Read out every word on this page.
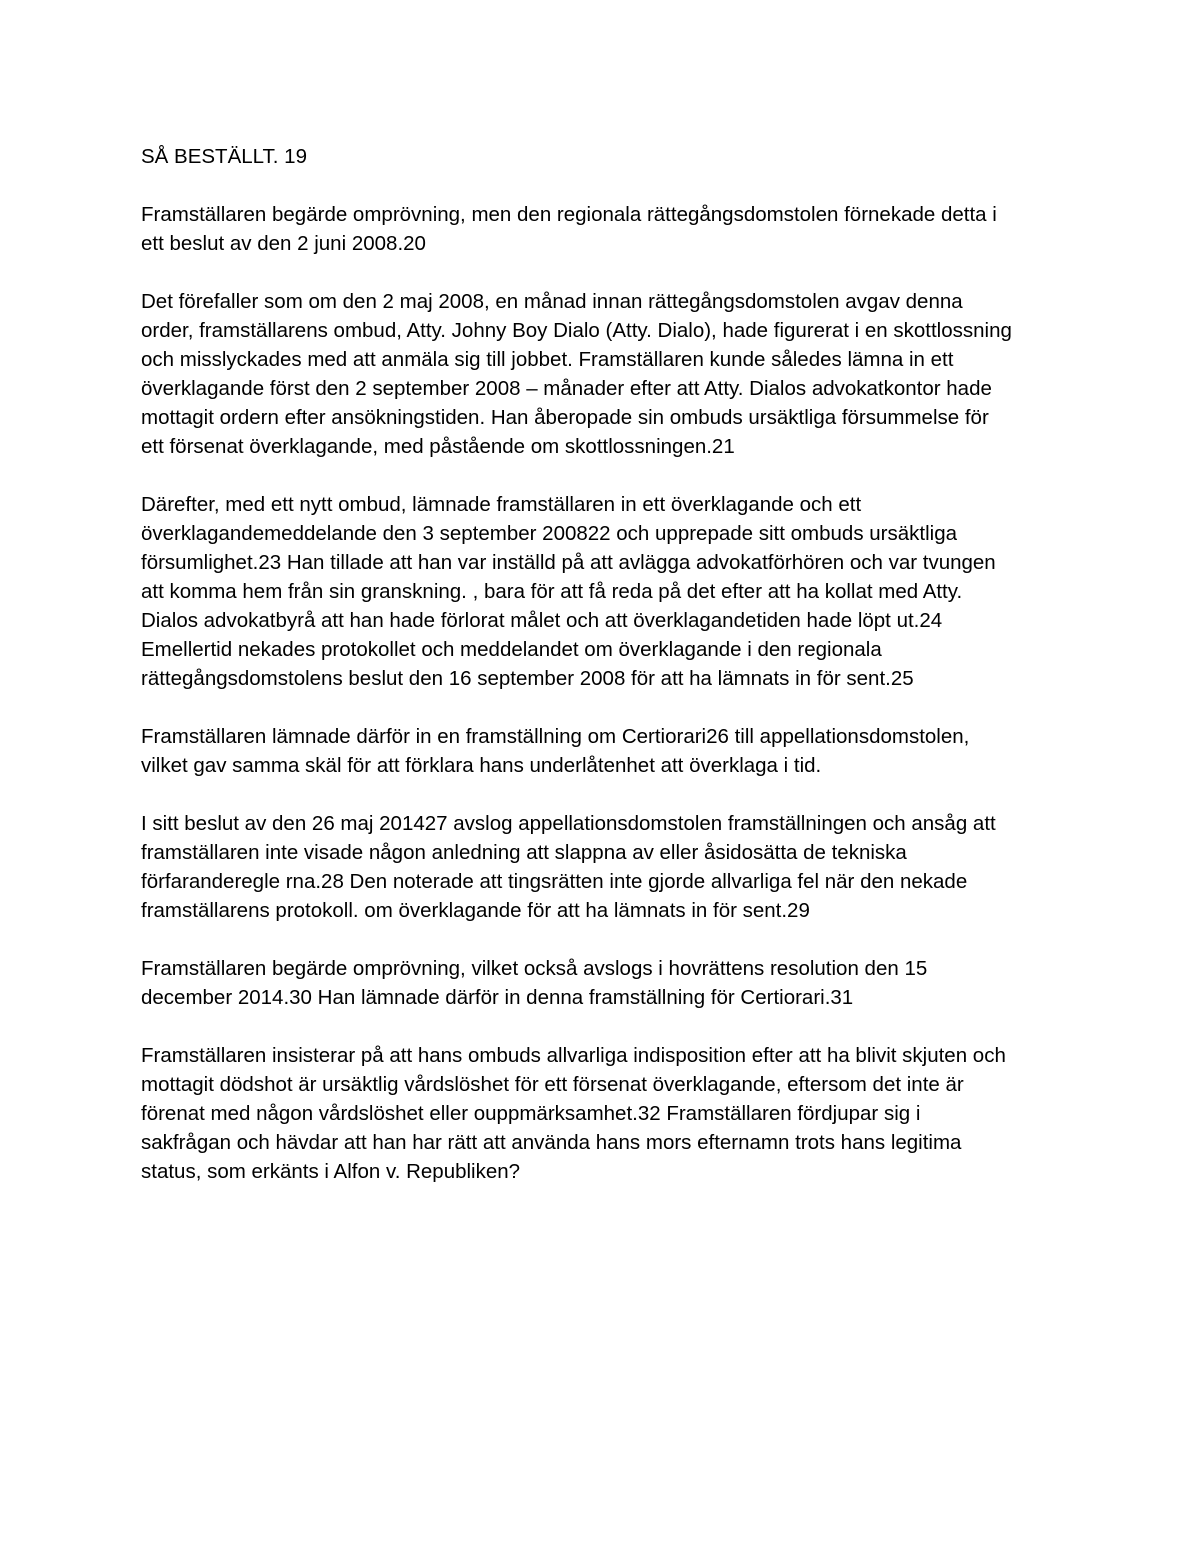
SÅ BESTÄLLT. 19

Framställaren begärde omprövning, men den regionala rättegångsdomstolen förnekade detta i
ett beslut av den 2 juni 2008.20

Det förefaller som om den 2 maj 2008, en månad innan rättegångsdomstolen avgav denna
order, framställarens ombud, Atty. Johny Boy Dialo (Atty. Dialo), hade figurerat i en skottlossning
och misslyckades med att anmäla sig till jobbet. Framställaren kunde således lämna in ett
överklagande först den 2 september 2008 – månader efter att Atty. Dialos advokatkontor hade
mottagit ordern efter ansökningstiden. Han åberopade sin ombuds ursäktliga försummelse för
ett försenat överklagande, med påstående om skottlossningen.21

Därefter, med ett nytt ombud, lämnade framställaren in ett överklagande och ett
överklagandemeddelande den 3 september 200822 och upprepade sitt ombuds ursäktliga
försumlighet.23 Han tillade att han var inställd på att avlägga advokatförhören och var tvungen
att komma hem från sin granskning. , bara för att få reda på det efter att ha kollat med Atty.
Dialos advokatbyrå att han hade förlorat målet och att överklagandetiden hade löpt ut.24
Emellertid nekades protokollet och meddelandet om överklagande i den regionala
rättegångsdomstolens beslut den 16 september 2008 för att ha lämnats in för sent.25

Framställaren lämnade därför in en framställning om Certiorari26 till appellationsdomstolen,
vilket gav samma skäl för att förklara hans underlåtenhet att överklaga i tid.

I sitt beslut av den 26 maj 201427 avslog appellationsdomstolen framställningen och ansåg att
framställaren inte visade någon anledning att slappna av eller åsidosätta de tekniska
förfaranderegle rna.28 Den noterade att tingsrätten inte gjorde allvarliga fel när den nekade
framställarens protokoll. om överklagande för att ha lämnats in för sent.29

Framställaren begärde omprövning, vilket också avslogs i hovrättens resolution den 15
december 2014.30 Han lämnade därför in denna framställning för Certiorari.31

Framställaren insisterar på att hans ombuds allvarliga indisposition efter att ha blivit skjuten och
mottagit dödshot är ursäktlig vårdslöshet för ett försenat överklagande, eftersom det inte är
förenat med någon vårdslöshet eller ouppmärksamhet.32 Framställaren fördjupar sig i
sakfrågan och hävdar att han har rätt att använda hans mors efternamn trots hans legitima
status, som erkänts i Alfon v. Republiken?
